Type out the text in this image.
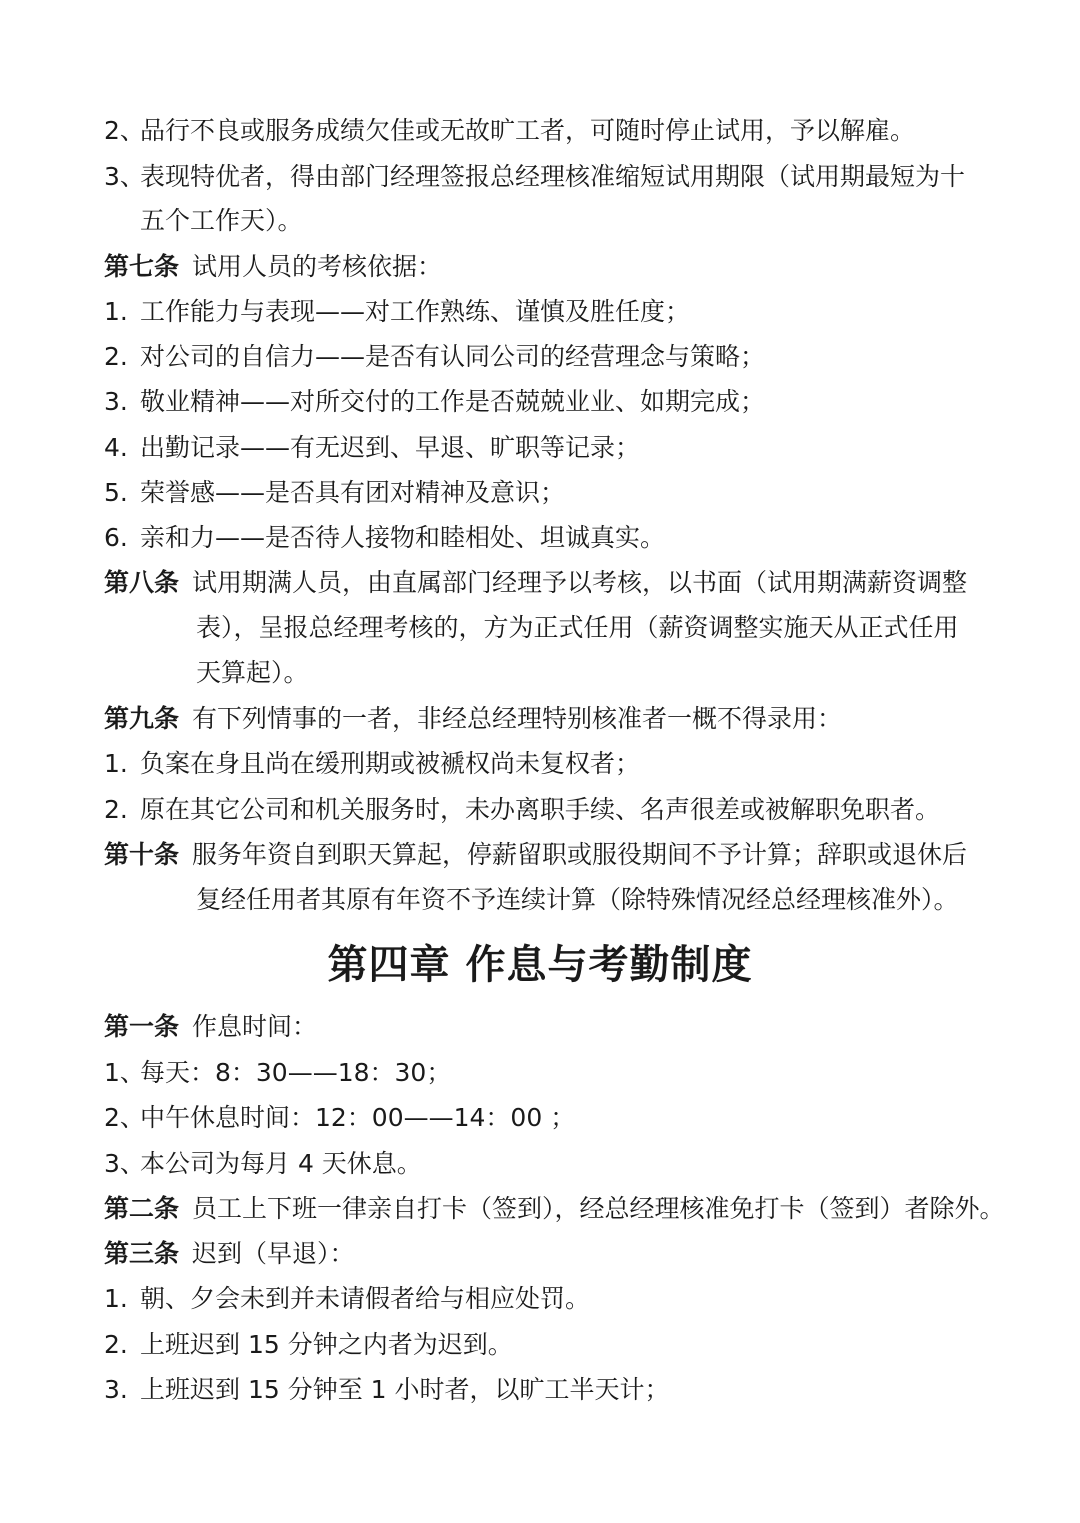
2、品行不良或服务成绩欠佳或无故旷工者，可随时停止试用，予以解雇。
3、表现特优者，得由部门经理签报总经理核准缩短试用期限（试用期最短为十
五个工作天）。
第七条 试用人员的考核依据：
1. 工作能力与表现——对工作熟练、谨慎及胜任度；
2. 对公司的自信力——是否有认同公司的经营理念与策略；
3. 敬业精神——对所交付的工作是否兢兢业业、如期完成；
4. 出勤记录——有无迟到、早退、旷职等记录；
5. 荣誉感——是否具有团对精神及意识；
6. 亲和力——是否待人接物和睦相处、坦诚真实。
第八条 试用期满人员，由直属部门经理予以考核，以书面（试用期满薪资调整
表），呈报总经理考核的，方为正式任用（薪资调整实施天从正式任用
天算起）。
第九条 有下列情事的一者，非经总经理特别核准者一概不得录用：
1. 负案在身且尚在缓刑期或被褫权尚未复权者；
2. 原在其它公司和机关服务时，未办离职手续、名声很差或被解职免职者。
第十条 服务年资自到职天算起，停薪留职或服役期间不予计算；辞职或退休后
复经任用者其原有年资不予连续计算（除特殊情况经总经理核准外）。
第四章 作息与考勤制度
第一条 作息时间：
1、每天：8：30——18：30；
2、中午休息时间：12：00——14：00 ；
3、本公司为每月 4 天休息。
第二条 员工上下班一律亲自打卡（签到），经总经理核准免打卡（签到）者除外。
第三条 迟到（早退）：
1. 朝、夕会未到并未请假者给与相应处罚。
2. 上班迟到 15 分钟之内者为迟到。
3. 上班迟到 15 分钟至 1 小时者，以旷工半天计；
